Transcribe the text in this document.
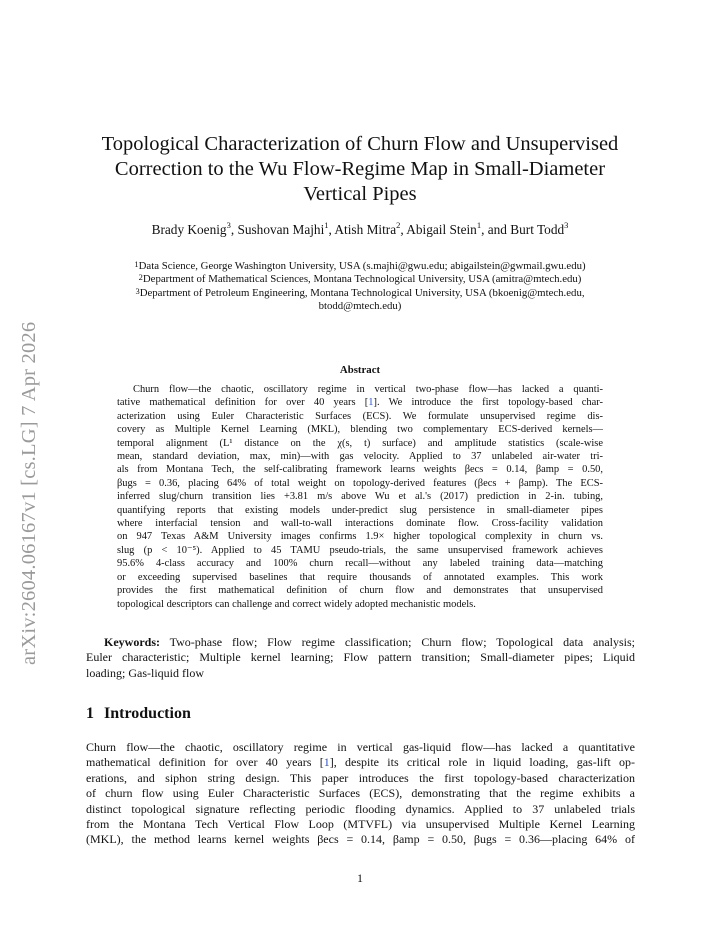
arXiv:2604.06167v1 [cs.LG] 7 Apr 2026
Topological Characterization of Churn Flow and Unsupervised
Correction to the Wu Flow-Regime Map in Small-Diameter
Vertical Pipes
Brady Koenig$^3$, Sushovan Majhi$^1$, Atish Mitra$^2$, Abigail Stein$^1$, and Burt Todd$^3$
$^1$Data Science, George Washington University, USA (s.majhi@gwu.edu; abigailstein@gwmail.gwu.edu)
$^2$Department of Mathematical Sciences, Montana Technological University, USA (amitra@mtech.edu)
$^3$Department of Petroleum Engineering, Montana Technological University, USA (bkoenig@mtech.edu,
btodd@mtech.edu)
Abstract
Churn flow—the chaotic, oscillatory regime in vertical two-phase flow—has lacked a quanti-
tative mathematical definition for over 40 years [1]. We introduce the first topology-based char-
acterization using Euler Characteristic Surfaces (ECS). We formulate unsupervised regime dis-
covery as Multiple Kernel Learning (MKL), blending two complementary ECS-derived kernels—
temporal alignment (L¹ distance on the χ(s, t) surface) and amplitude statistics (scale-wise
mean, standard deviation, max, min)—with gas velocity. Applied to 37 unlabeled air-water tri-
als from Montana Tech, the self-calibrating framework learns weights βecs = 0.14, βamp = 0.50,
βugs = 0.36, placing 64% of total weight on topology-derived features (βecs + βamp). The ECS-
inferred slug/churn transition lies +3.81 m/s above Wu et al.'s (2017) prediction in 2-in. tubing,
quantifying reports that existing models under-predict slug persistence in small-diameter pipes
where interfacial tension and wall-to-wall interactions dominate flow. Cross-facility validation
on 947 Texas A&M University images confirms 1.9× higher topological complexity in churn vs.
slug (p < 10⁻⁵). Applied to 45 TAMU pseudo-trials, the same unsupervised framework achieves
95.6% 4-class accuracy and 100% churn recall—without any labeled training data—matching
or exceeding supervised baselines that require thousands of annotated examples. This work
provides the first mathematical definition of churn flow and demonstrates that unsupervised
topological descriptors can challenge and correct widely adopted mechanistic models.
Keywords: Two-phase flow; Flow regime classification; Churn flow; Topological data analysis;
Euler characteristic; Multiple kernel learning; Flow pattern transition; Small-diameter pipes; Liquid
loading; Gas-liquid flow
1 Introduction
Churn flow—the chaotic, oscillatory regime in vertical gas-liquid flow—has lacked a quantitative
mathematical definition for over 40 years [1], despite its critical role in liquid loading, gas-lift op-
erations, and siphon string design. This paper introduces the first topology-based characterization
of churn flow using Euler Characteristic Surfaces (ECS), demonstrating that the regime exhibits a
distinct topological signature reflecting periodic flooding dynamics. Applied to 37 unlabeled trials
from the Montana Tech Vertical Flow Loop (MTVFL) via unsupervised Multiple Kernel Learning
(MKL), the method learns kernel weights βecs = 0.14, βamp = 0.50, βugs = 0.36—placing 64% of
1
